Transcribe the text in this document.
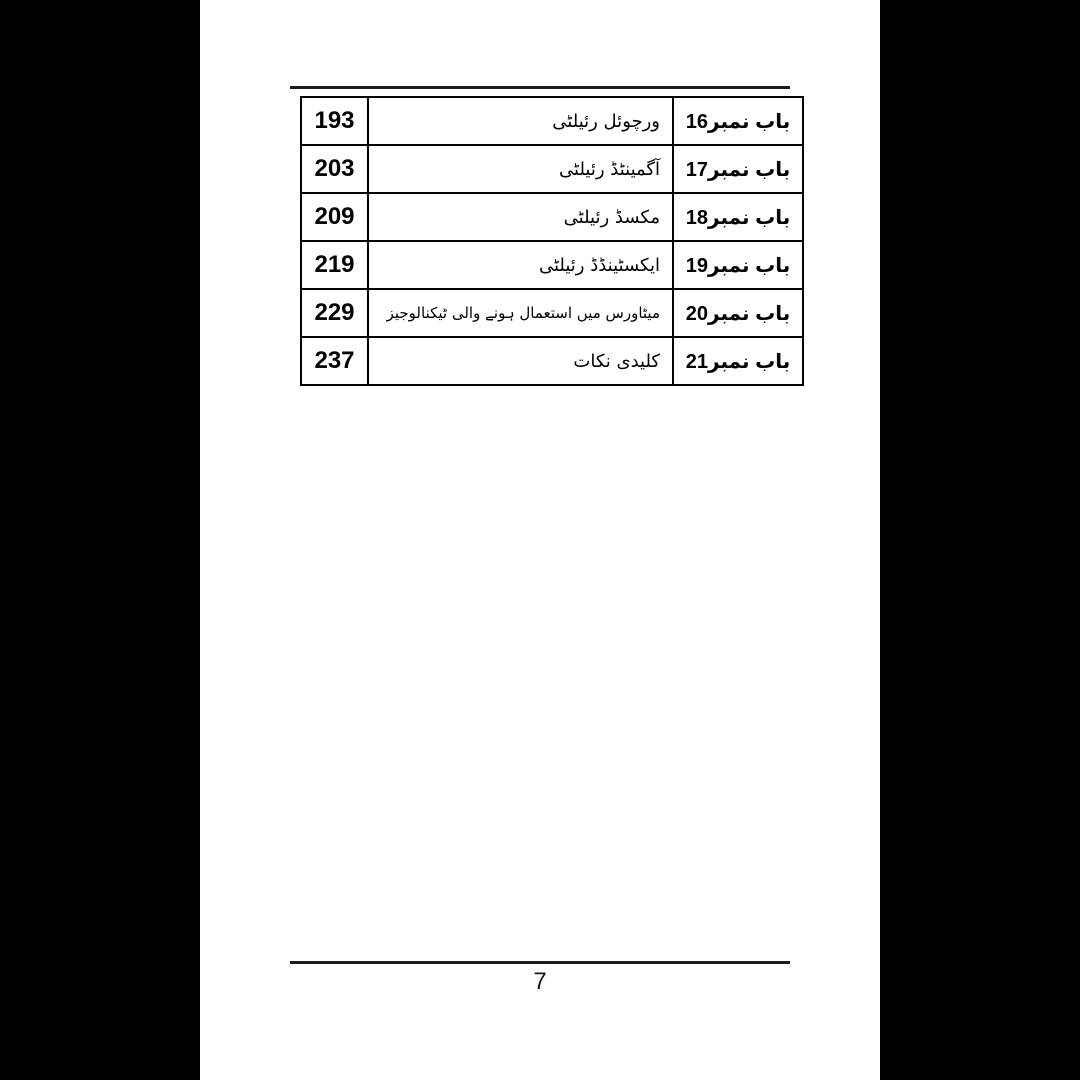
193	ورچوئل رئیلٹی	باب نمبر16
203	آگمینٹڈ رئیلٹی	باب نمبر17
209	مکسڈ رئیلٹی	باب نمبر18
219	ایکسٹینڈڈ رئیلٹی	باب نمبر19
229	میٹاورس میں استعمال ہونے والی ٹیکنالوجیز	باب نمبر20
237	کلیدی نکات	باب نمبر21
7
